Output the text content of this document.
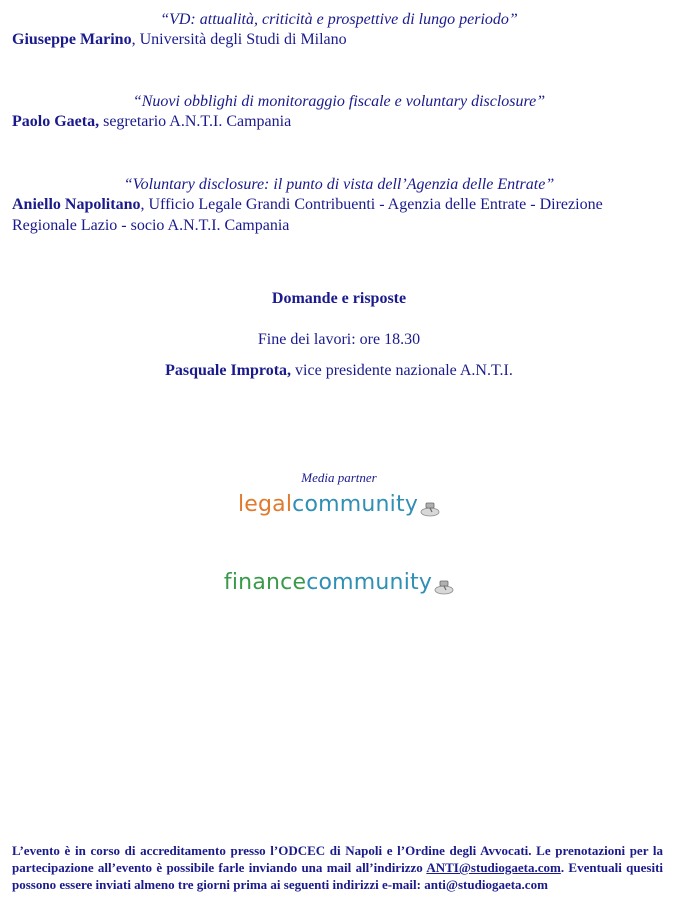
“VD: attualità, criticità e prospettive di lungo periodo”
Giuseppe Marino, Università degli Studi di Milano
“Nuovi obblighi di monitoraggio fiscale e voluntary disclosure”
Paolo Gaeta, segretario A.N.T.I. Campania
“Voluntary disclosure: il punto di vista dell’Agenzia delle Entrate”
Aniello Napolitano, Ufficio Legale Grandi Contribuenti - Agenzia delle Entrate - Direzione Regionale Lazio - socio A.N.T.I. Campania
Domande e risposte
Fine dei lavori: ore 18.30
Pasquale Improta, vice presidente nazionale A.N.T.I.
Media partner
legalcommunity
financecommunity
L’evento è in corso di accreditamento presso l’ODCEC di Napoli e l’Ordine degli Avvocati. Le prenotazioni per la partecipazione all’evento è possibile farle inviando una mail all’indirizzo ANTI@studiogaeta.com. Eventuali quesiti possono essere inviati almeno tre giorni prima ai seguenti indirizzi e-mail: anti@studiogaeta.com
